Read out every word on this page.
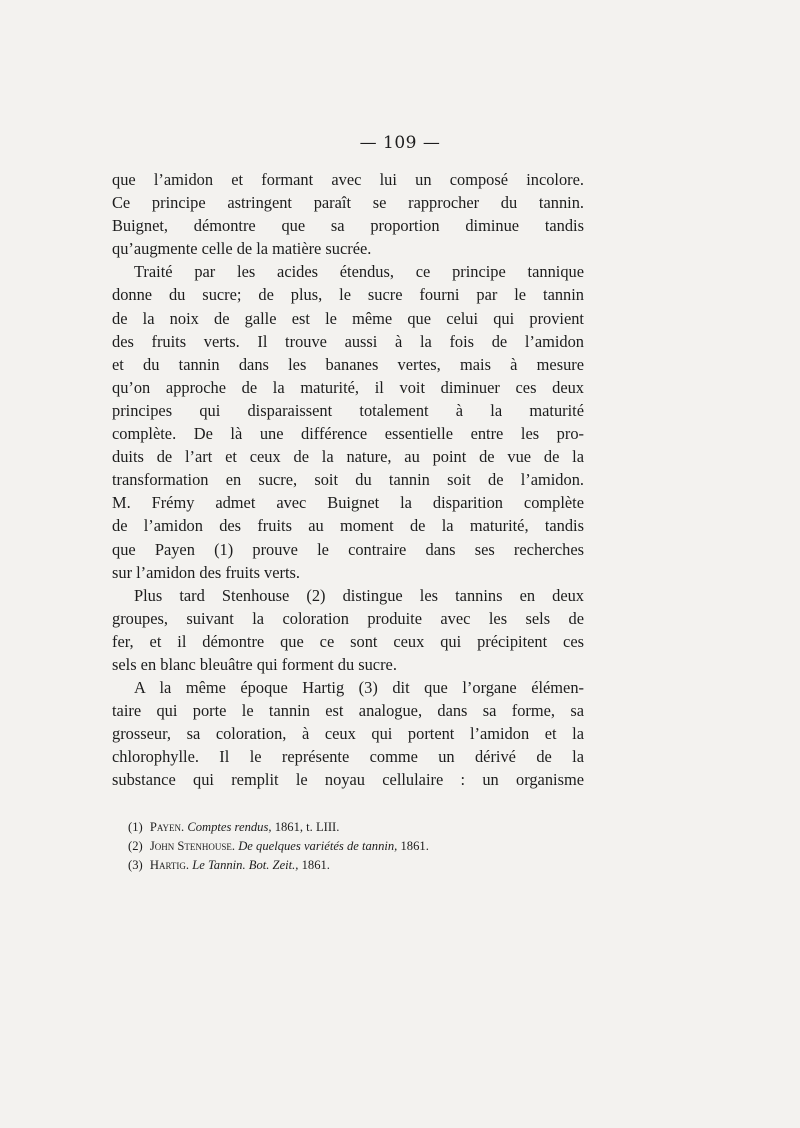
— 109 —
que l’amidon et formant avec lui un composé incolore.
Ce principe astringent paraît se rapprocher du tannin.
Buignet, démontre que sa proportion diminue tandis
qu’augmente celle de la matière sucrée.
Traité par les acides étendus, ce principe tannique
donne du sucre; de plus, le sucre fourni par le tannin
de la noix de galle est le même que celui qui provient
des fruits verts. Il trouve aussi à la fois de l’amidon
et du tannin dans les bananes vertes, mais à mesure
qu’on approche de la maturité, il voit diminuer ces deux
principes qui disparaissent totalement à la maturité
complète. De là une différence essentielle entre les pro-
duits de l’art et ceux de la nature, au point de vue de la
transformation en sucre, soit du tannin soit de l’amidon.
M. Frémy admet avec Buignet la disparition complète
de l’amidon des fruits au moment de la maturité, tandis
que Payen (1) prouve le contraire dans ses recherches
sur l’amidon des fruits verts.
Plus tard Stenhouse (2) distingue les tannins en deux
groupes, suivant la coloration produite avec les sels de
fer, et il démontre que ce sont ceux qui précipitent ces
sels en blanc bleuâtre qui forment du sucre.
A la même époque Hartig (3) dit que l’organe élémen-
taire qui porte le tannin est analogue, dans sa forme, sa
grosseur, sa coloration, à ceux qui portent l’amidon et la
chlorophylle. Il le représente comme un dérivé de la
substance qui remplit le noyau cellulaire : un organisme
(1) Payen. Comptes rendus, 1861, t. LIII.
(2) John Stenhouse. De quelques variétés de tannin, 1861.
(3) Hartig. Le Tannin. Bot. Zeit., 1861.
